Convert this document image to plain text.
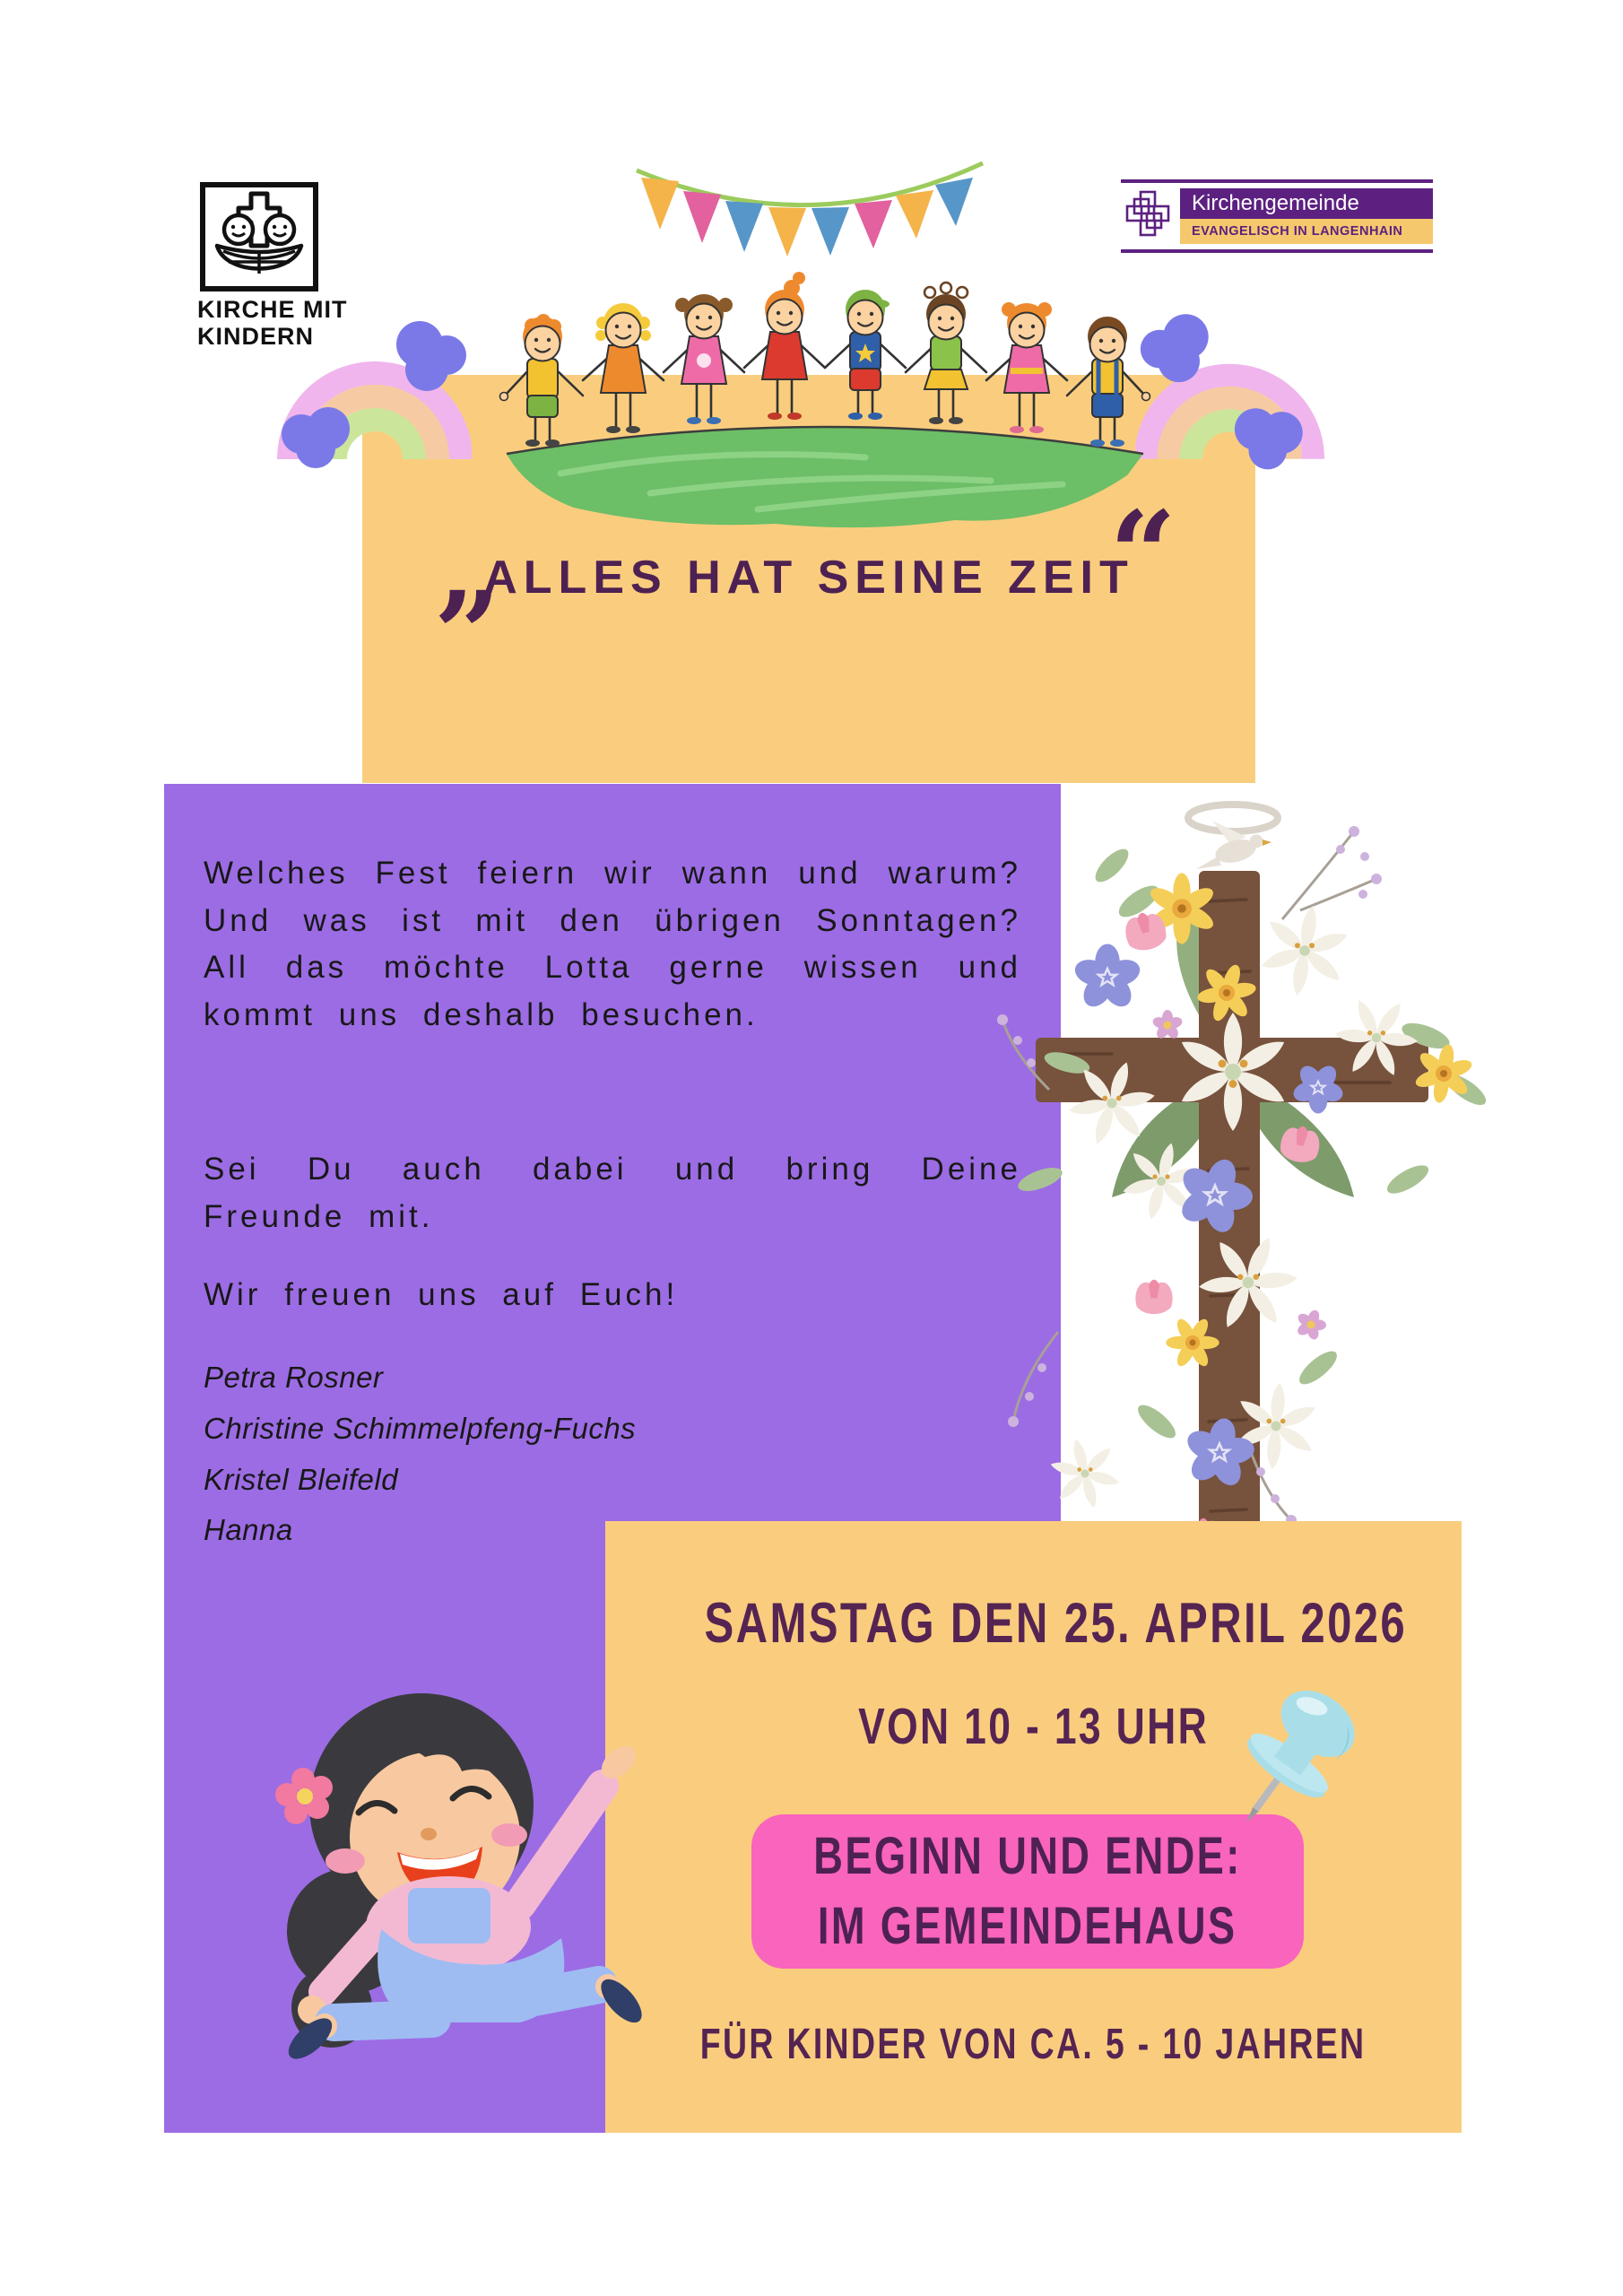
KIRCHE MIT
KINDERN
Kirchengemeinde
EVANGELISCH IN LANGENHAIN
„
ALLES HAT SEINE ZEIT
“
Welches Fest feiern wir wann und warum? Und was ist mit den übrigen Sonntagen? All das möchte Lotta gerne wissen und kommt uns deshalb besuchen.
Sei Du auch dabei und bring Deine Freunde mit.
Wir freuen uns auf Euch!
Petra Rosner
Christine Schimmelpfeng-Fuchs
Kristel Bleifeld
Hanna
SAMSTAG DEN 25. APRIL 2026
VON 10 - 13 UHR
BEGINN UND ENDE:
IM GEMEINDEHAUS
FÜR KINDER VON CA. 5 - 10 JAHREN
